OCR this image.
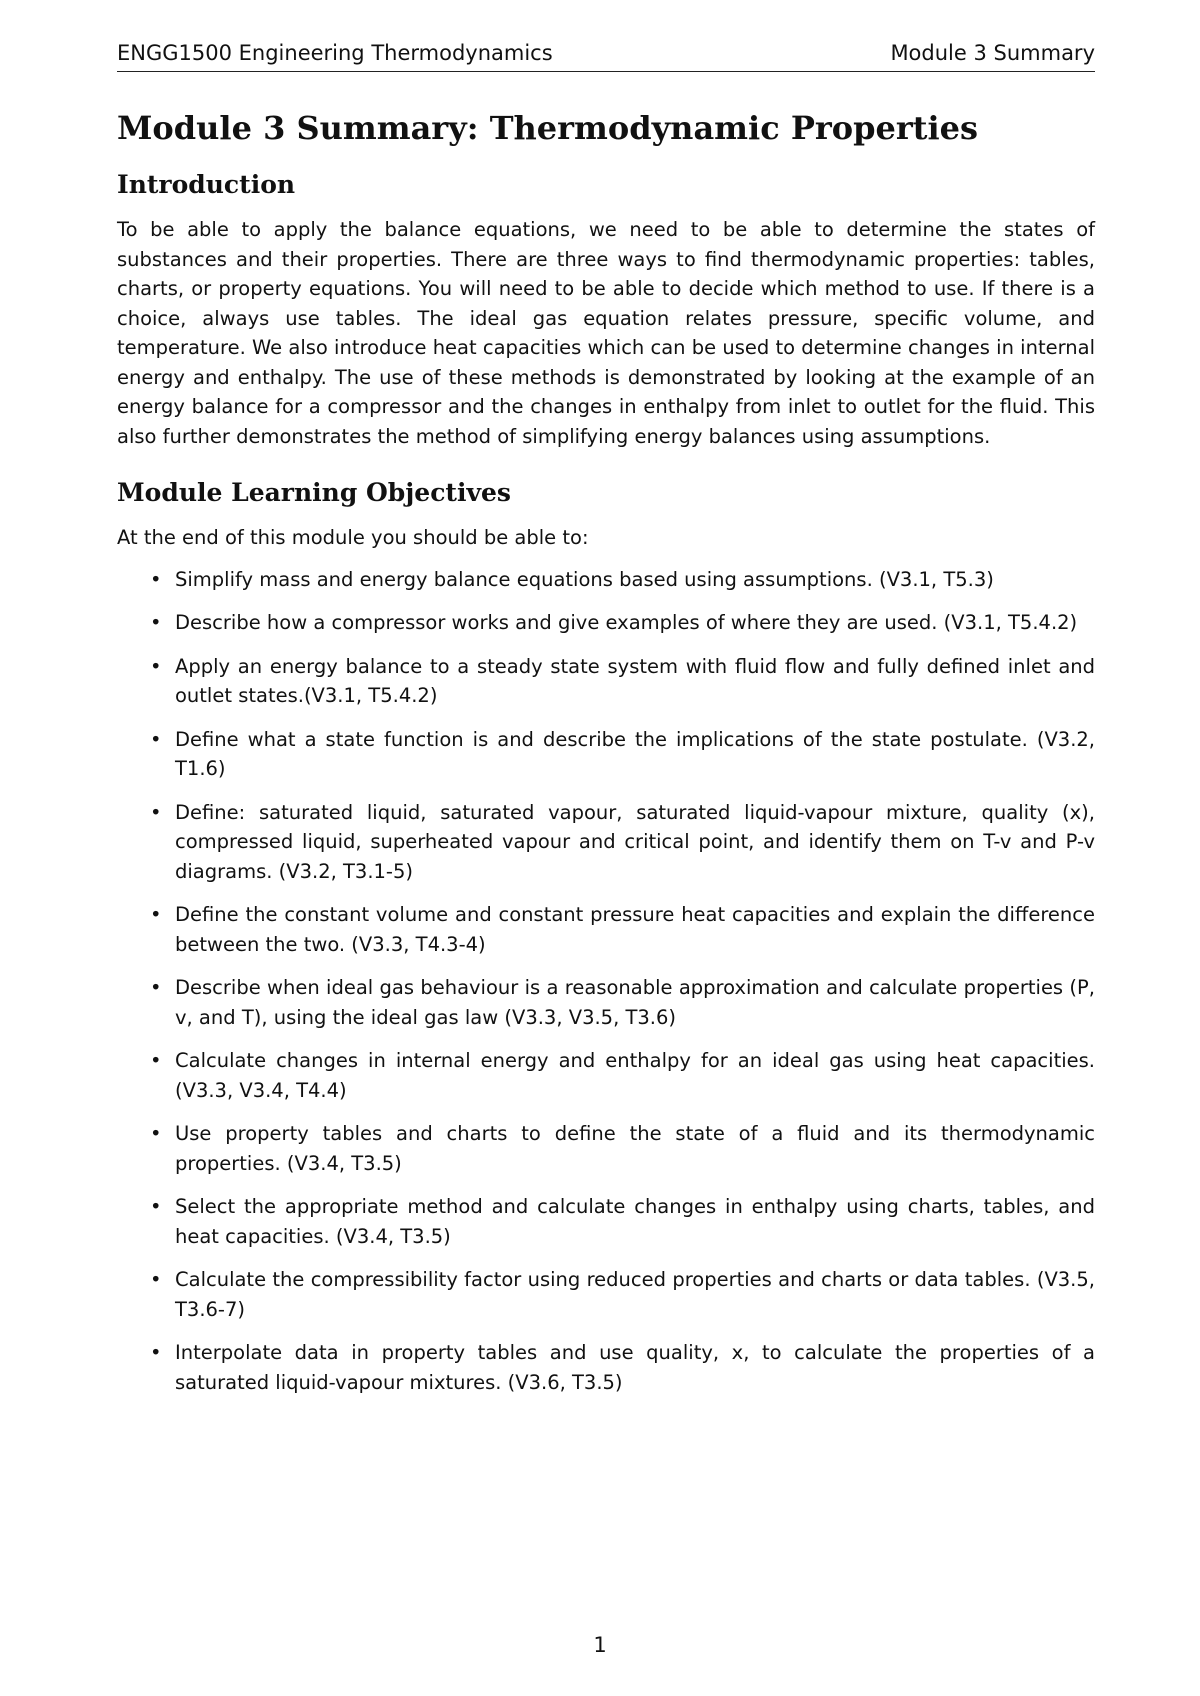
ENGG1500 Engineering Thermodynamics	Module 3 Summary
Module 3 Summary: Thermodynamic Properties
Introduction

To be able to apply the balance equations, we need to be able to determine the states of substances and their properties. There are three ways to find thermodynamic properties: tables, charts, or property equations. You will need to be able to decide which method to use. If there is a choice, always use tables. The ideal gas equation relates pressure, specific volume, and temperature. We also introduce heat capacities which can be used to determine changes in internal energy and enthalpy. The use of these methods is demonstrated by looking at the example of an energy balance for a compressor and the changes in enthalpy from inlet to outlet for the fluid. This also further demonstrates the method of simplifying energy balances using assumptions.

Module Learning Objectives

At the end of this module you should be able to:

• Simplify mass and energy balance equations based using assumptions. (V3.1, T5.3)
• Describe how a compressor works and give examples of where they are used. (V3.1, T5.4.2)
• Apply an energy balance to a steady state system with fluid flow and fully defined inlet and outlet states.(V3.1, T5.4.2)
• Define what a state function is and describe the implications of the state postulate. (V3.2, T1.6)
• Define: saturated liquid, saturated vapour, saturated liquid-vapour mixture, quality (x), compressed liquid, superheated vapour and critical point, and identify them on T-v and P-v diagrams. (V3.2, T3.1-5)
• Define the constant volume and constant pressure heat capacities and explain the difference between the two. (V3.3, T4.3-4)
• Describe when ideal gas behaviour is a reasonable approximation and calculate properties (P, v, and T), using the ideal gas law (V3.3, V3.5, T3.6)
• Calculate changes in internal energy and enthalpy for an ideal gas using heat capacities. (V3.3, V3.4, T4.4)
• Use property tables and charts to define the state of a fluid and its thermodynamic properties. (V3.4, T3.5)
• Select the appropriate method and calculate changes in enthalpy using charts, tables, and heat capacities. (V3.4, T3.5)
• Calculate the compressibility factor using reduced properties and charts or data tables. (V3.5, T3.6-7)
• Interpolate data in property tables and use quality, x, to calculate the properties of a saturated liquid-vapour mixtures. (V3.6, T3.5)
1
